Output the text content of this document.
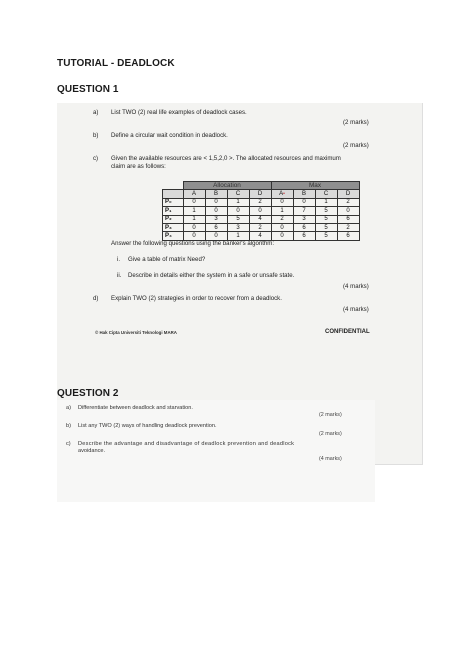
TUTORIAL - DEADLOCK
QUESTION 1
a) List TWO (2) real life examples of deadlock cases.
(2 marks)
b) Define a circular wait condition in deadlock.
(2 marks)
c) Given the available resources are < 1,5,2,0 >. The allocated resources and maximum
claim are as follows:
	Allocation				Max			
	A	B	C	D	A•	B	C	D
P₀	0	0	1	2	0	0	1	2
P₁	1	0	0	0	1	7	5	0
P₂	1	3	5	4	2	3	5	6
P₃	0	6	3	2	0	6	5	2
P₄	0	0	1	4	0	6	5	6
Answer the following questions using the banker's algorithm:
i. Give a table of matrix Need?
ii. Describe in details either the system in a safe or unsafe state.
(4 marks)
d) Explain TWO (2) strategies in order to recover from a deadlock.
(4 marks)
© Hak Cipta Universiti Teknologi MARA	CONFIDENTIAL
QUESTION 2
a) Differentiate between deadlock and starvation.
(2 marks)
b) List any TWO (2) ways of handling deadlock prevention.
(2 marks)
c) Describe the advantage and disadvantage of deadlock prevention and deadlock
avoidance.
(4 marks)
